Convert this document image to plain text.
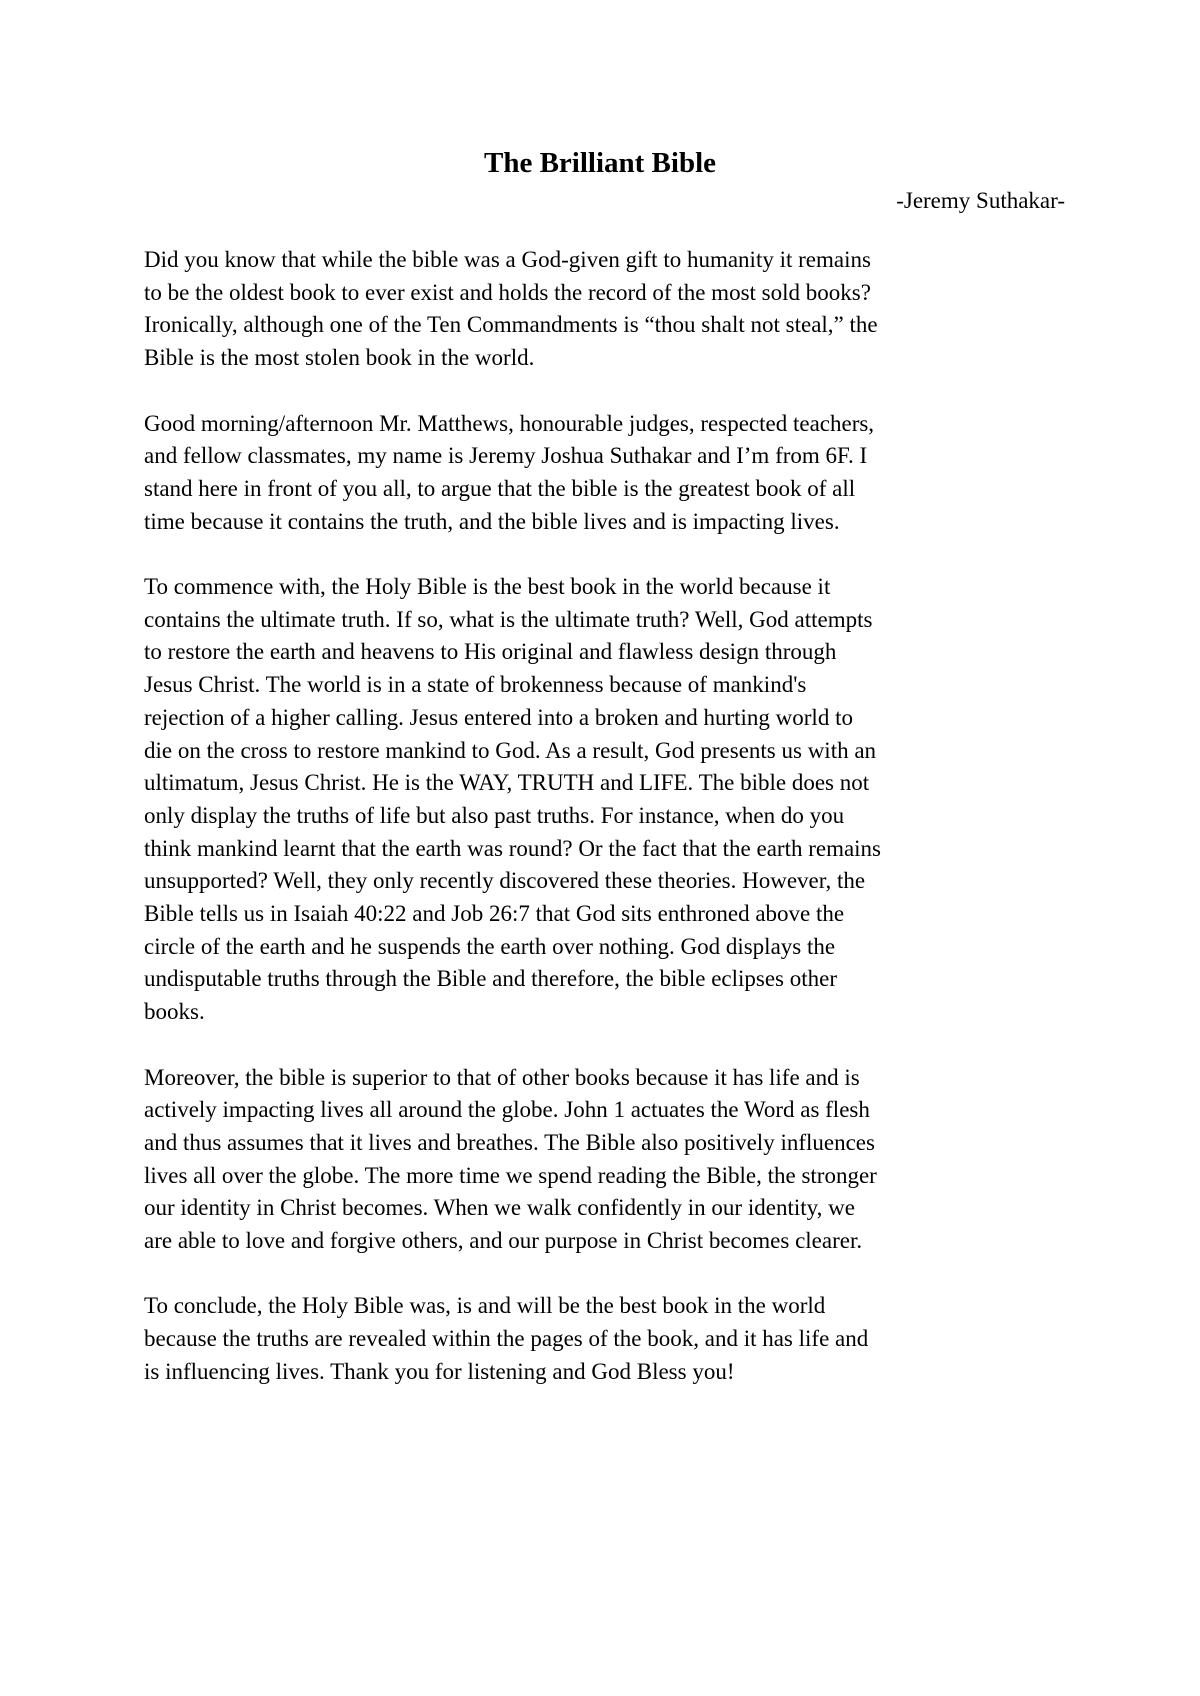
The Brilliant Bible

-Jeremy Suthakar-

Did you know that while the bible was a God-given gift to humanity it remains
to be the oldest book to ever exist and holds the record of the most sold books?
Ironically, although one of the Ten Commandments is “thou shalt not steal,” the
Bible is the most stolen book in the world.

Good morning/afternoon Mr. Matthews, honourable judges, respected teachers,
and fellow classmates, my name is Jeremy Joshua Suthakar and I’m from 6F. I
stand here in front of you all, to argue that the bible is the greatest book of all
time because it contains the truth, and the bible lives and is impacting lives.

To commence with, the Holy Bible is the best book in the world because it
contains the ultimate truth. If so, what is the ultimate truth? Well, God attempts
to restore the earth and heavens to His original and flawless design through
Jesus Christ. The world is in a state of brokenness because of mankind's
rejection of a higher calling. Jesus entered into a broken and hurting world to
die on the cross to restore mankind to God. As a result, God presents us with an
ultimatum, Jesus Christ. He is the WAY, TRUTH and LIFE. The bible does not
only display the truths of life but also past truths. For instance, when do you
think mankind learnt that the earth was round? Or the fact that the earth remains
unsupported? Well, they only recently discovered these theories. However, the
Bible tells us in Isaiah 40:22 and Job 26:7 that God sits enthroned above the
circle of the earth and he suspends the earth over nothing. God displays the
undisputable truths through the Bible and therefore, the bible eclipses other
books.

Moreover, the bible is superior to that of other books because it has life and is
actively impacting lives all around the globe. John 1 actuates the Word as flesh
and thus assumes that it lives and breathes. The Bible also positively influences
lives all over the globe. The more time we spend reading the Bible, the stronger
our identity in Christ becomes. When we walk confidently in our identity, we
are able to love and forgive others, and our purpose in Christ becomes clearer.

To conclude, the Holy Bible was, is and will be the best book in the world
because the truths are revealed within the pages of the book, and it has life and
is influencing lives. Thank you for listening and God Bless you!
